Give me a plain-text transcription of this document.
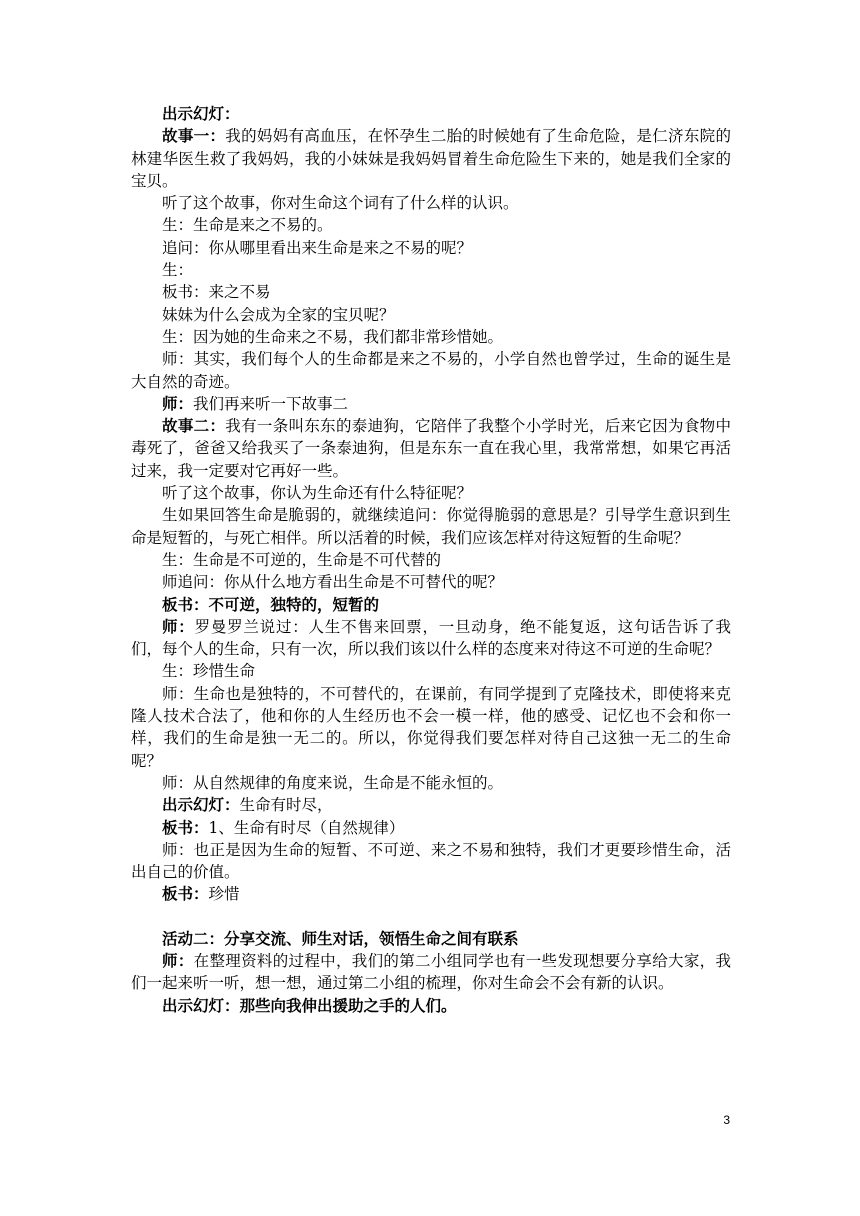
出示幻灯：

故事一：我的妈妈有高血压，在怀孕生二胎的时候她有了生命危险，是仁济东院的林建华医生救了我妈妈，我的小妹妹是我妈妈冒着生命危险生下来的，她是我们全家的宝贝。

听了这个故事，你对生命这个词有了什么样的认识。

生：生命是来之不易的。

追问：你从哪里看出来生命是来之不易的呢？

生：

板书：来之不易

妹妹为什么会成为全家的宝贝呢？

生：因为她的生命来之不易，我们都非常珍惜她。

师：其实，我们每个人的生命都是来之不易的，小学自然也曾学过，生命的诞生是大自然的奇迹。

师：我们再来听一下故事二

故事二：我有一条叫东东的泰迪狗，它陪伴了我整个小学时光，后来它因为食物中毒死了，爸爸又给我买了一条泰迪狗，但是东东一直在我心里，我常常想，如果它再活过来，我一定要对它再好一些。

听了这个故事，你认为生命还有什么特征呢？

生如果回答生命是脆弱的，就继续追问：你觉得脆弱的意思是？引导学生意识到生命是短暂的，与死亡相伴。所以活着的时候，我们应该怎样对待这短暂的生命呢？

生：生命是不可逆的，生命是不可代替的

师追问：你从什么地方看出生命是不可替代的呢？

板书：不可逆，独特的，短暂的

师：罗曼罗兰说过：人生不售来回票，一旦动身，绝不能复返，这句话告诉了我们，每个人的生命，只有一次，所以我们该以什么样的态度来对待这不可逆的生命呢？

生：珍惜生命

师：生命也是独特的，不可替代的，在课前，有同学提到了克隆技术，即使将来克隆人技术合法了，他和你的人生经历也不会一模一样，他的感受、记忆也不会和你一样，我们的生命是独一无二的。所以，你觉得我们要怎样对待自己这独一无二的生命呢？

师：从自然规律的角度来说，生命是不能永恒的。

出示幻灯：生命有时尽，

板书：1、生命有时尽（自然规律）

师：也正是因为生命的短暂、不可逆、来之不易和独特，我们才更要珍惜生命，活出自己的价值。

板书：珍惜

活动二：分享交流、师生对话，领悟生命之间有联系

师：在整理资料的过程中，我们的第二小组同学也有一些发现想要分享给大家，我们一起来听一听，想一想，通过第二小组的梳理，你对生命会不会有新的认识。

出示幻灯：那些向我伸出援助之手的人们。

3
